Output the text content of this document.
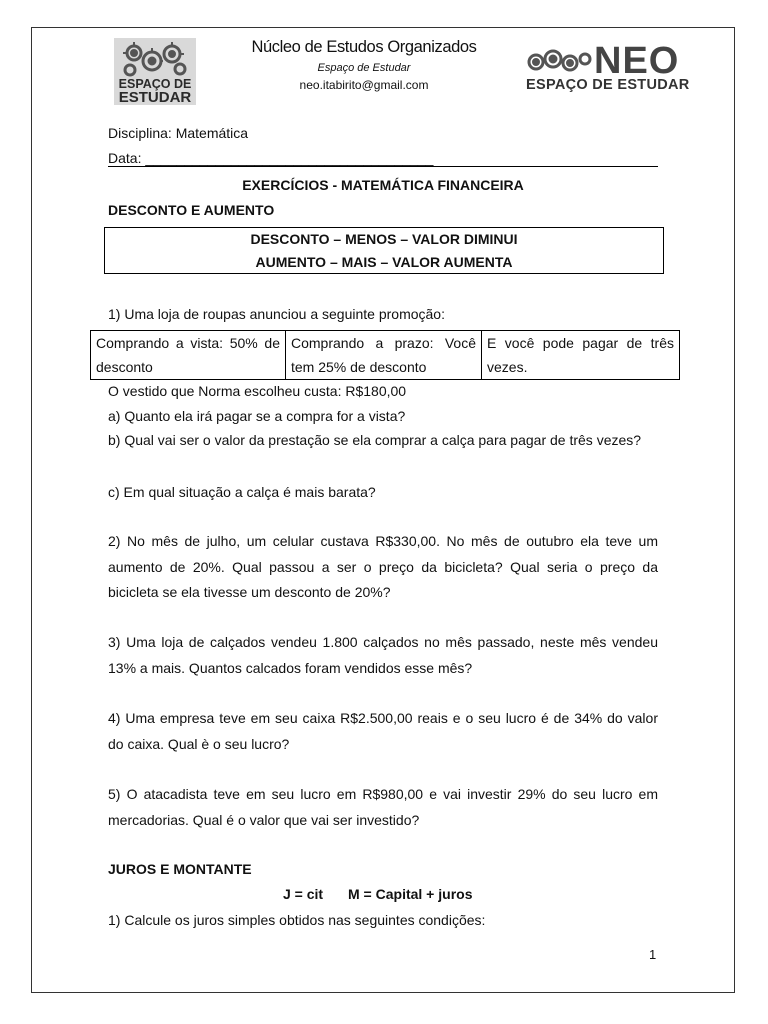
ESPAÇO DE
ESTUDAR
Núcleo de Estudos Organizados
Espaço de Estudar
neo.itabirito@gmail.com
NEO
ESPAÇO DE ESTUDAR
Disciplina: Matemática
Data: _____________________________________
EXERCÍCIOS - MATEMÁTICA FINANCEIRA
DESCONTO E AUMENTO
DESCONTO – MENOS – VALOR DIMINUI
AUMENTO – MAIS – VALOR AUMENTA
1) Uma loja de roupas anunciou a seguinte promoção:
Comprando a vista: 50% de desconto	Comprando a prazo: Você tem 25% de desconto	E você pode pagar de três vezes.
O vestido que Norma escolheu custa: R$180,00
a) Quanto ela irá pagar se a compra for a vista?
b) Qual vai ser o valor da prestação se ela comprar a calça para pagar de três vezes?
c) Em qual situação a calça é mais barata?
2) No mês de julho, um celular custava R$330,00. No mês de outubro ela teve um aumento de 20%. Qual passou a ser o preço da bicicleta? Qual seria o preço da bicicleta se ela tivesse um desconto de 20%?
3) Uma loja de calçados vendeu 1.800 calçados no mês passado, neste mês vendeu 13% a mais. Quantos calcados foram vendidos esse mês?
4) Uma empresa teve em seu caixa R$2.500,00 reais e o seu lucro é de 34% do valor do caixa. Qual è o seu lucro?
5) O atacadista teve em seu lucro em R$980,00 e vai investir 29% do seu lucro em mercadorias. Qual é o valor que vai ser investido?
JUROS E MONTANTE
J = cit M = Capital + juros
1) Calcule os juros simples obtidos nas seguintes condições:
1
